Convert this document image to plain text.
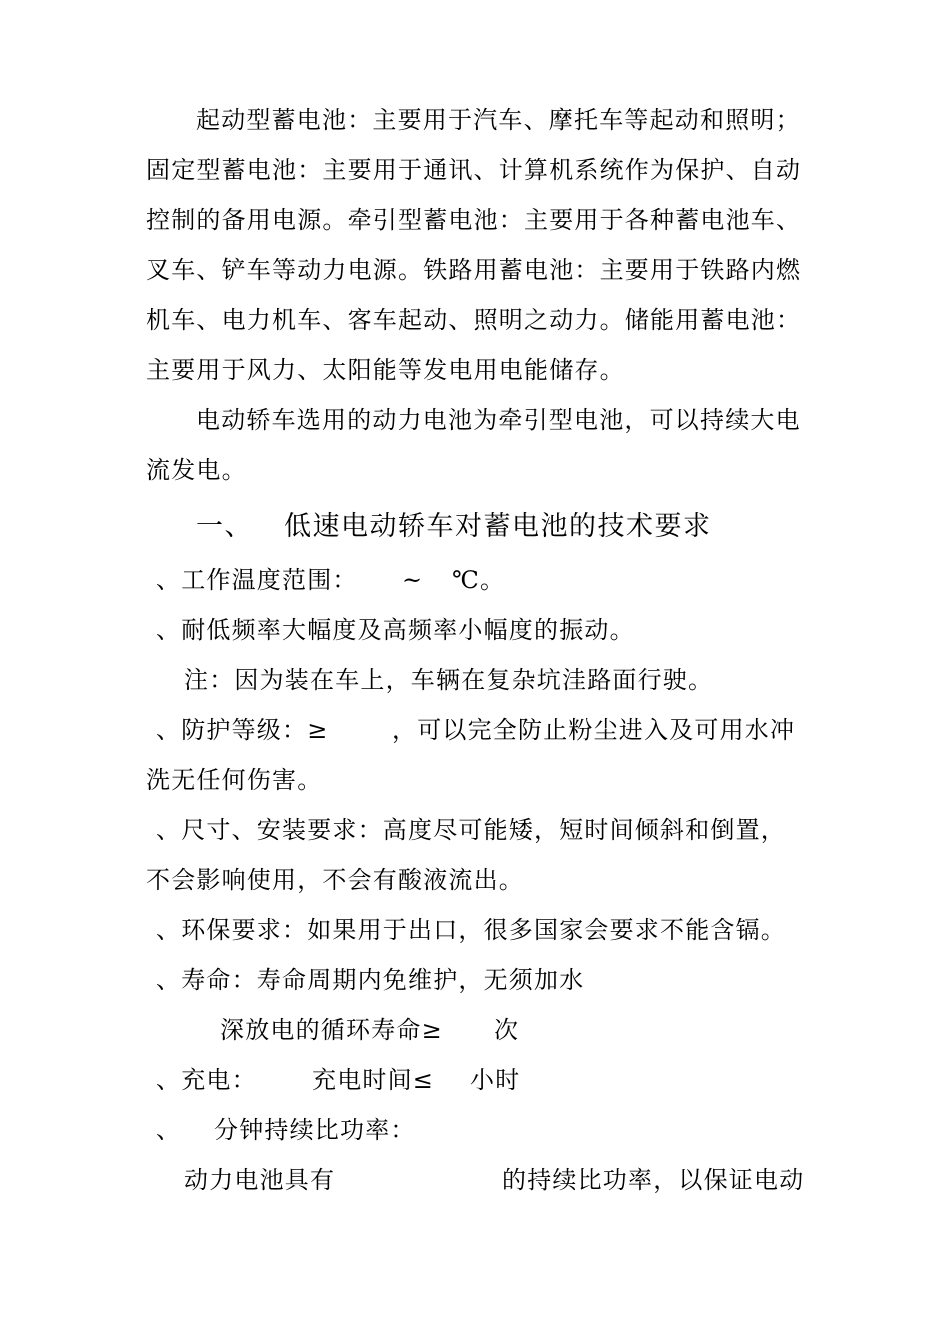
起动型蓄电池：主要用于汽车、摩托车等起动和照明；
固定型蓄电池：主要用于通讯、计算机系统作为保护、自动
控制的备用电源。牵引型蓄电池：主要用于各种蓄电池车、
叉车、铲车等动力电源。铁路用蓄电池：主要用于铁路内燃
机车、电力机车、客车起动、照明之动力。储能用蓄电池：
主要用于风力、太阳能等发电用电能储存。
电动轿车选用的动力电池为牵引型电池，可以持续大电
流发电。
一、 低速电动轿车对蓄电池的技术要求
、工作温度范围： ~ ℃。
、耐低频率大幅度及高频率小幅度的振动。
注：因为装在车上，车辆在复杂坑洼路面行驶。
、防护等级：≥	，可以完全防止粉尘进入及可用水冲
洗无任何伤害。
、尺寸、安装要求：高度尽可能矮，短时间倾斜和倒置，
不会影响使用，不会有酸液流出。
、环保要求：如果用于出口，很多国家会要求不能含镉。
、寿命：寿命周期内免维护，无须加水
深放电的循环寿命≥ 次
、充电： 充电时间≤ 小时
、 分钟持续比功率：
动力电池具有	的持续比功率，以保证电动
